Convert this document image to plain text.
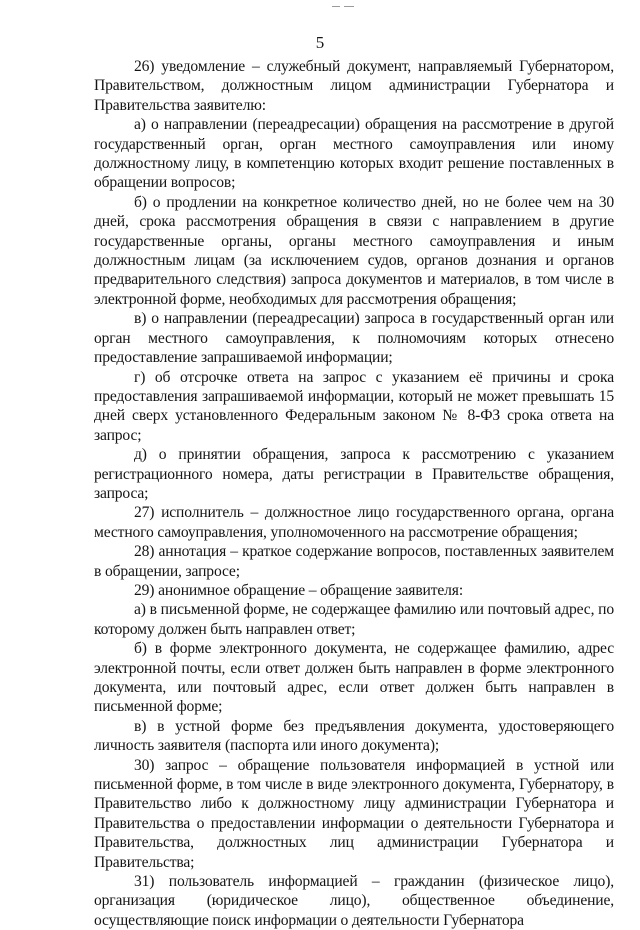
5

26) уведомление – служебный документ, направляемый Губернатором, Правительством, должностным лицом администрации Губернатора и Правительства заявителю:

а) о направлении (переадресации) обращения на рассмотрение в другой государственный орган, орган местного самоуправления или иному должностному лицу, в компетенцию которых входит решение поставленных в обращении вопросов;

б) о продлении на конкретное количество дней, но не более чем на 30 дней, срока рассмотрения обращения в связи с направлением в другие государственные органы, органы местного самоуправления и иным должностным лицам (за исключением судов, органов дознания и органов предварительного следствия) запроса документов и материалов, в том числе в электронной форме, необходимых для рассмотрения обращения;

в) о направлении (переадресации) запроса в государственный орган или орган местного самоуправления, к полномочиям которых отнесено предоставление запрашиваемой информации;

г) об отсрочке ответа на запрос с указанием её причины и срока предоставления запрашиваемой информации, который не может превышать 15 дней сверх установленного Федеральным законом № 8-ФЗ срока ответа на запрос;

д) о принятии обращения, запроса к рассмотрению с указанием регистрационного номера, даты регистрации в Правительстве обращения, запроса;

27) исполнитель – должностное лицо государственного органа, органа местного самоуправления, уполномоченного на рассмотрение обращения;

28) аннотация – краткое содержание вопросов, поставленных заявителем в обращении, запросе;

29) анонимное обращение – обращение заявителя:

а) в письменной форме, не содержащее фамилию или почтовый адрес, по которому должен быть направлен ответ;

б) в форме электронного документа, не содержащее фамилию, адрес электронной почты, если ответ должен быть направлен в форме электронного документа, или почтовый адрес, если ответ должен быть направлен в письменной форме;

в) в устной форме без предъявления документа, удостоверяющего личность заявителя (паспорта или иного документа);

30) запрос – обращение пользователя информацией в устной или письменной форме, в том числе в виде электронного документа, Губернатору, в Правительство либо к должностному лицу администрации Губернатора и Правительства о предоставлении информации о деятельности Губернатора и Правительства, должностных лиц администрации Губернатора и Правительства;

31) пользователь информацией – гражданин (физическое лицо), организация (юридическое лицо), общественное объединение, осуществляющие поиск информации о деятельности Губернатора
